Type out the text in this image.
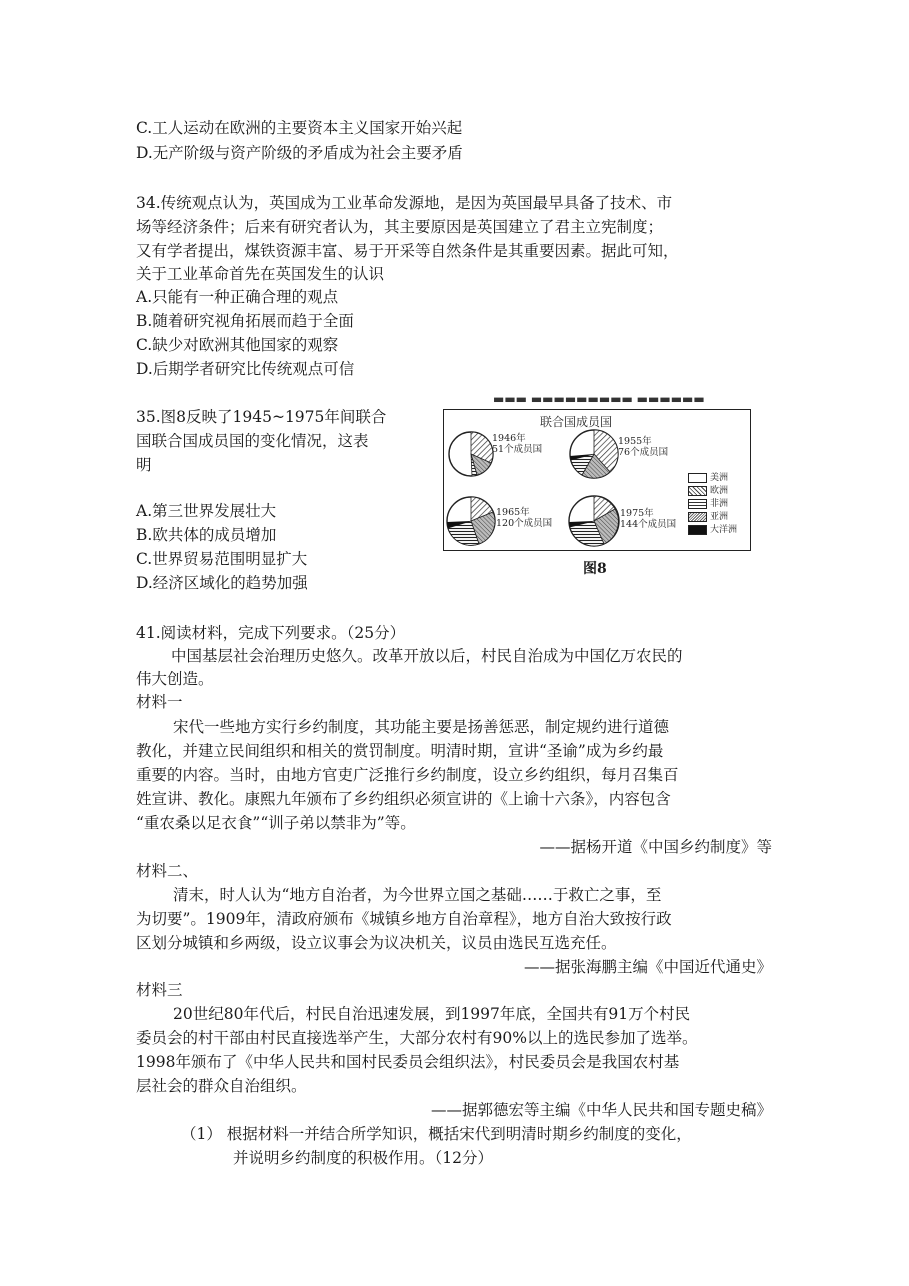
C.工人运动在欧洲的主要资本主义国家开始兴起
D.无产阶级与资产阶级的矛盾成为社会主要矛盾
34.传统观点认为，英国成为工业革命发源地，是因为英国最早具备了技术、市
场等经济条件；后来有研究者认为，其主要原因是英国建立了君主立宪制度；
又有学者提出，煤铁资源丰富、易于开采等自然条件是其重要因素。据此可知，
关于工业革命首先在英国发生的认识
A.只能有一种正确合理的观点
B.随着研究视角拓展而趋于全面
C.缺少对欧洲其他国家的观察
D.后期学者研究比传统观点可信
35.图8反映了1945~1975年间联合
国联合国成员国的变化情况，这表
明
A.第三世界发展壮大
B.欧共体的成员增加
C.世界贸易范围明显扩大
D.经济区域化的趋势加强
▬▬▬ ▬▬▬▬▬▬▬▬▬ ▬▬▬▬▬▬
联合国成员国
1946年
51个成员国
1955年
76个成员国
1965年
120个成员国
1975年
144个成员国
美洲
欧洲
非洲
亚洲
大洋洲
图8
41.阅读材料，完成下列要求。（25分）
中国基层社会治理历史悠久。改革开放以后，村民自治成为中国亿万农民的
伟大创造。
材料一
宋代一些地方实行乡约制度，其功能主要是扬善惩恶，制定规约进行道德
教化，并建立民间组织和相关的赏罚制度。明清时期，宣讲“圣谕”成为乡约最
重要的内容。当时，由地方官吏广泛推行乡约制度，设立乡约组织，每月召集百
姓宣讲、教化。康熙九年颁布了乡约组织必须宣讲的《上谕十六条》，内容包含
“重农桑以足衣食”“训子弟以禁非为”等。
——据杨开道《中国乡约制度》等
材料二、
清末，时人认为“地方自治者，为今世界立国之基础……于救亡之事，至
为切要”。1909年，清政府颁布《城镇乡地方自治章程》，地方自治大致按行政
区划分城镇和乡两级，设立议事会为议决机关，议员由选民互选充任。
——据张海鹏主编《中国近代通史》
材料三
20世纪80年代后，村民自治迅速发展，到1997年底，全国共有91万个村民
委员会的村干部由村民直接选举产生，大部分农村有90%以上的选民参加了选举。
1998年颁布了《中华人民共和国村民委员会组织法》，村民委员会是我国农村基
层社会的群众自治组织。
——据郭德宏等主编《中华人民共和国专题史稿》
（1） 根据材料一并结合所学知识，概括宋代到明清时期乡约制度的变化，
并说明乡约制度的积极作用。（12分）
